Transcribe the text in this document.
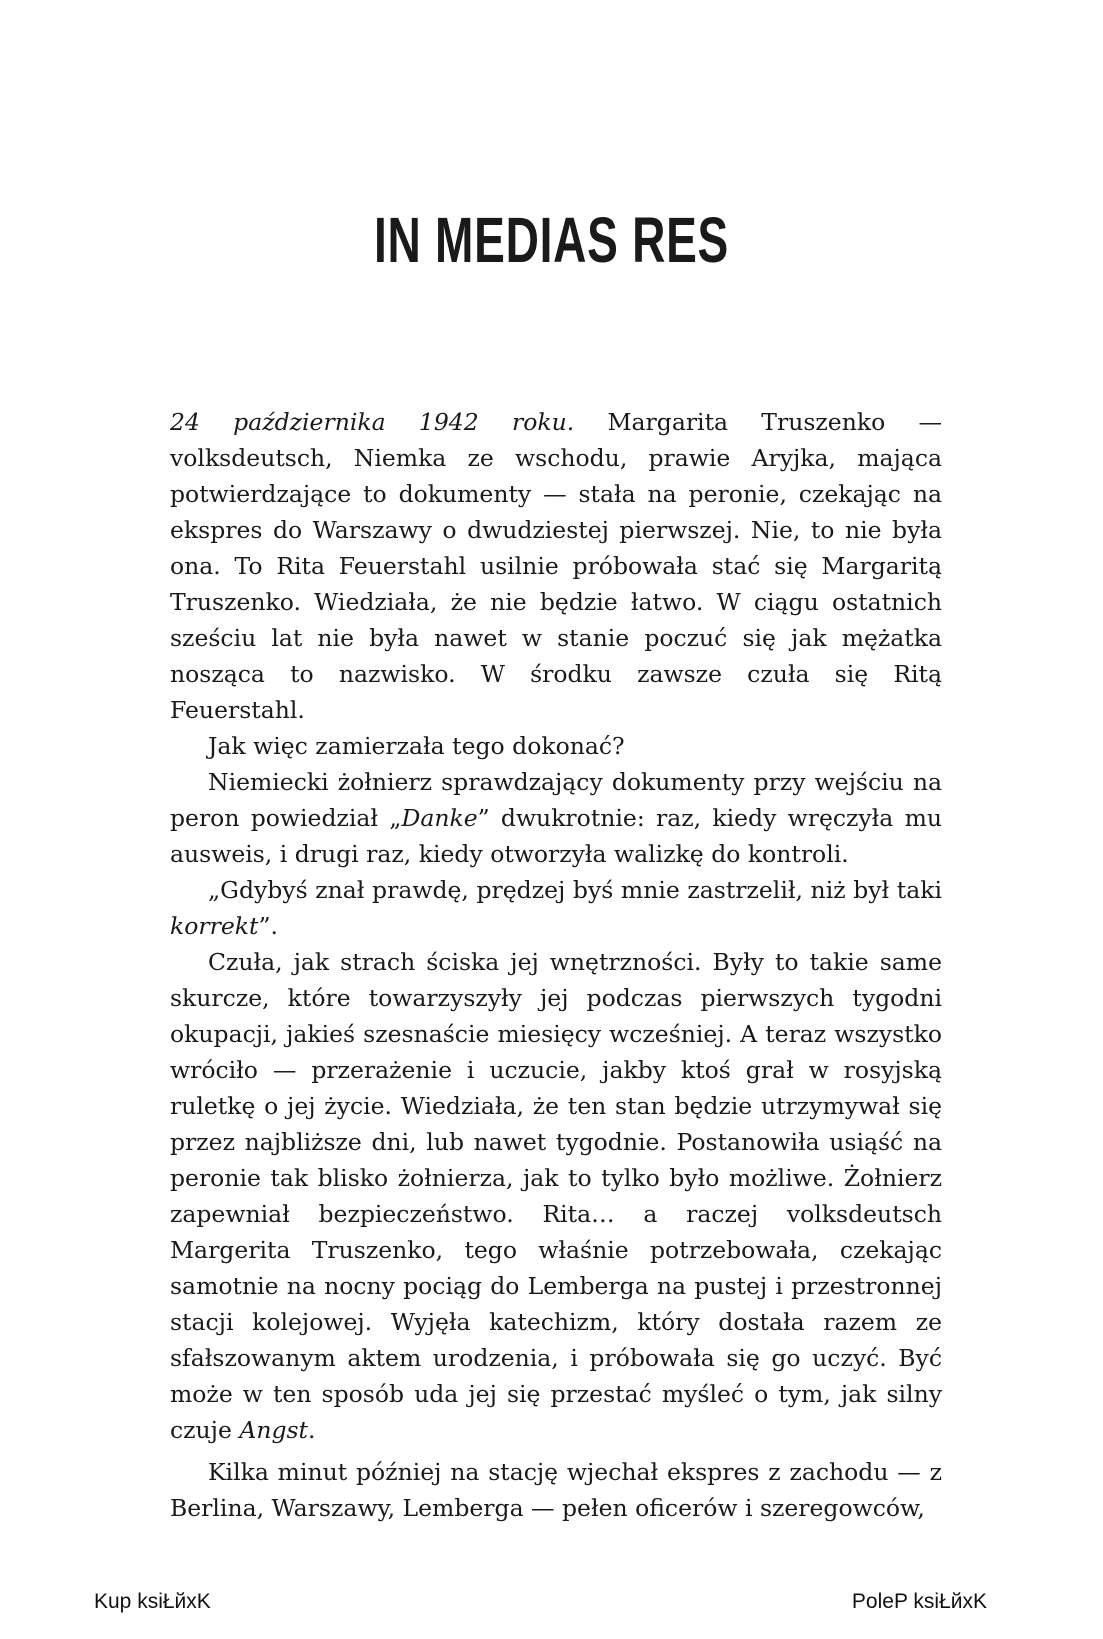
IN MEDIAS RES

24 października 1942 roku. Margarita Truszenko — volksdeutsch, Niemka ze wschodu, prawie Aryjka, mająca potwierdzające to dokumenty — stała na peronie, czekając na ekspres do Warszawy o dwudziestej pierwszej. Nie, to nie była ona. To Rita Feuerstahl usilnie próbowała stać się Margaritą Truszenko. Wiedziała, że nie będzie łatwo. W ciągu ostatnich sześciu lat nie była nawet w stanie poczuć się jak mężatka nosząca to nazwisko. W środku zawsze czuła się Ritą Feuerstahl.

Jak więc zamierzała tego dokonać?

Niemiecki żołnierz sprawdzający dokumenty przy wejściu na peron powiedział „Danke” dwukrotnie: raz, kiedy wręczyła mu ausweis, i drugi raz, kiedy otworzyła walizkę do kontroli.

„Gdybyś znał prawdę, prędzej byś mnie zastrzelił, niż był taki korrekt”.

Czuła, jak strach ściska jej wnętrzności. Były to takie same skurcze, które towarzyszyły jej podczas pierwszych tygodni okupacji, jakieś szesnaście miesięcy wcześniej. A teraz wszystko wróciło — przerażenie i uczucie, jakby ktoś grał w rosyjską ruletkę o jej życie. Wiedziała, że ten stan będzie utrzymywał się przez najbliższe dni, lub nawet tygodnie. Postanowiła usiąść na peronie tak blisko żołnierza, jak to tylko było możliwe. Żołnierz zapewniał bezpieczeństwo. Rita… a raczej volksdeutsch Margerita Truszenko, tego właśnie potrzebowała, czekając samotnie na nocny pociąg do Lemberga na pustej i przestronnej stacji kolejowej. Wyjęła katechizm, który dostała razem ze sfałszowanym aktem urodzenia, i próbowała się go uczyć. Być może w ten sposób uda jej się przestać myśleć o tym, jak silny czuje Angst.

Kilka minut później na stację wjechał ekspres z zachodu — z Berlina, Warszawy, Lemberga — pełen oficerów i szeregowców,

Kup ksiŁйхK	PoleP ksiŁйхK
